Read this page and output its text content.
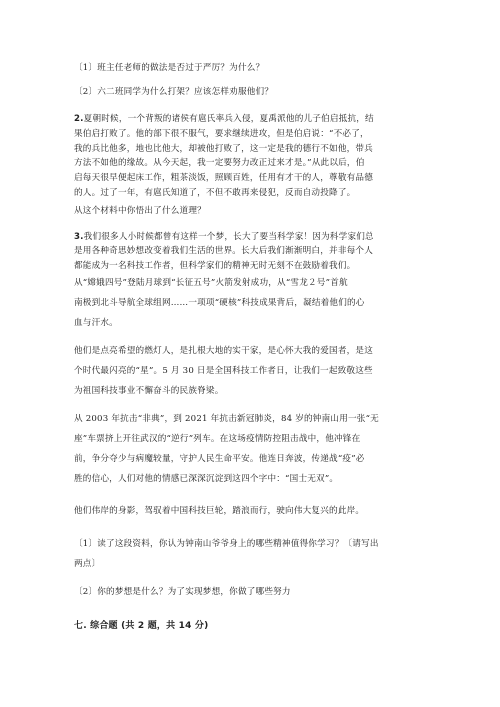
〔1〕班主任老师的做法是否过于严厉？为什么？
〔2〕六二班同学为什么打架？应该怎样劝服他们？
2.夏朝时候，一个背叛的诸侯有扈氏率兵入侵，夏禹派他的儿子伯启抵抗，结
果伯启打败了。他的部下很不服气，要求继续进攻，但是伯启说：“不必了，
我的兵比他多，地也比他大，却被他打败了，这一定是我的德行不如他，带兵
方法不如他的缘故。从今天起，我一定要努力改正过来才是。”从此以后，伯
启每天很早便起床工作，粗茶淡饭，照顾百姓，任用有才干的人，尊敬有品德
的人。过了一年，有扈氏知道了，不但不敢再来侵犯，反而自动投降了。
从这个材料中你悟出了什么道理？
3.我们很多人小时候都曾有这样一个梦，长大了要当科学家！因为科学家们总
是用各种奇思妙想改变着我们生活的世界。长大后我们渐渐明白，并非每个人
都能成为一名科技工作者，但科学家们的精神无时无刻不在鼓励着我们。
从“嫦娥四号”登陆月球到“长征五号”火箭发射成功，从“雪龙２号”首航
南极到北斗导航全球组网……一项项“硬核”科技成果背后，凝结着他们的心
血与汗水。
他们是点亮希望的燃灯人，是扎根大地的实干家，是心怀大我的爱国者，是这
个时代最闪亮的“星”。5 月 30 日是全国科技工作者日，让我们一起致敬这些
为祖国科技事业不懈奋斗的民族脊梁。
从 2003 年抗击“非典”，到 2021 年抗击新冠肺炎，84 岁的钟南山用一张“无
座”车票挤上开往武汉的“逆行”列车。在这场疫情防控阻击战中，他冲锋在
前，争分夺少与病魔较量，守护人民生命平安。他连日奔波，传递战“疫”必
胜的信心，人们对他的情感已深深沉淀到这四个字中：“国士无双”。
他们伟岸的身影，驾驭着中国科技巨轮，踏浪而行，驶向伟大复兴的此岸。
〔1〕读了这段资料，你认为钟南山爷爷身上的哪些精神值得你学习？〔请写出
两点〕
〔2〕你的梦想是什么？为了实现梦想，你做了哪些努力
七. 综合题 (共 2 题，共 14 分)
